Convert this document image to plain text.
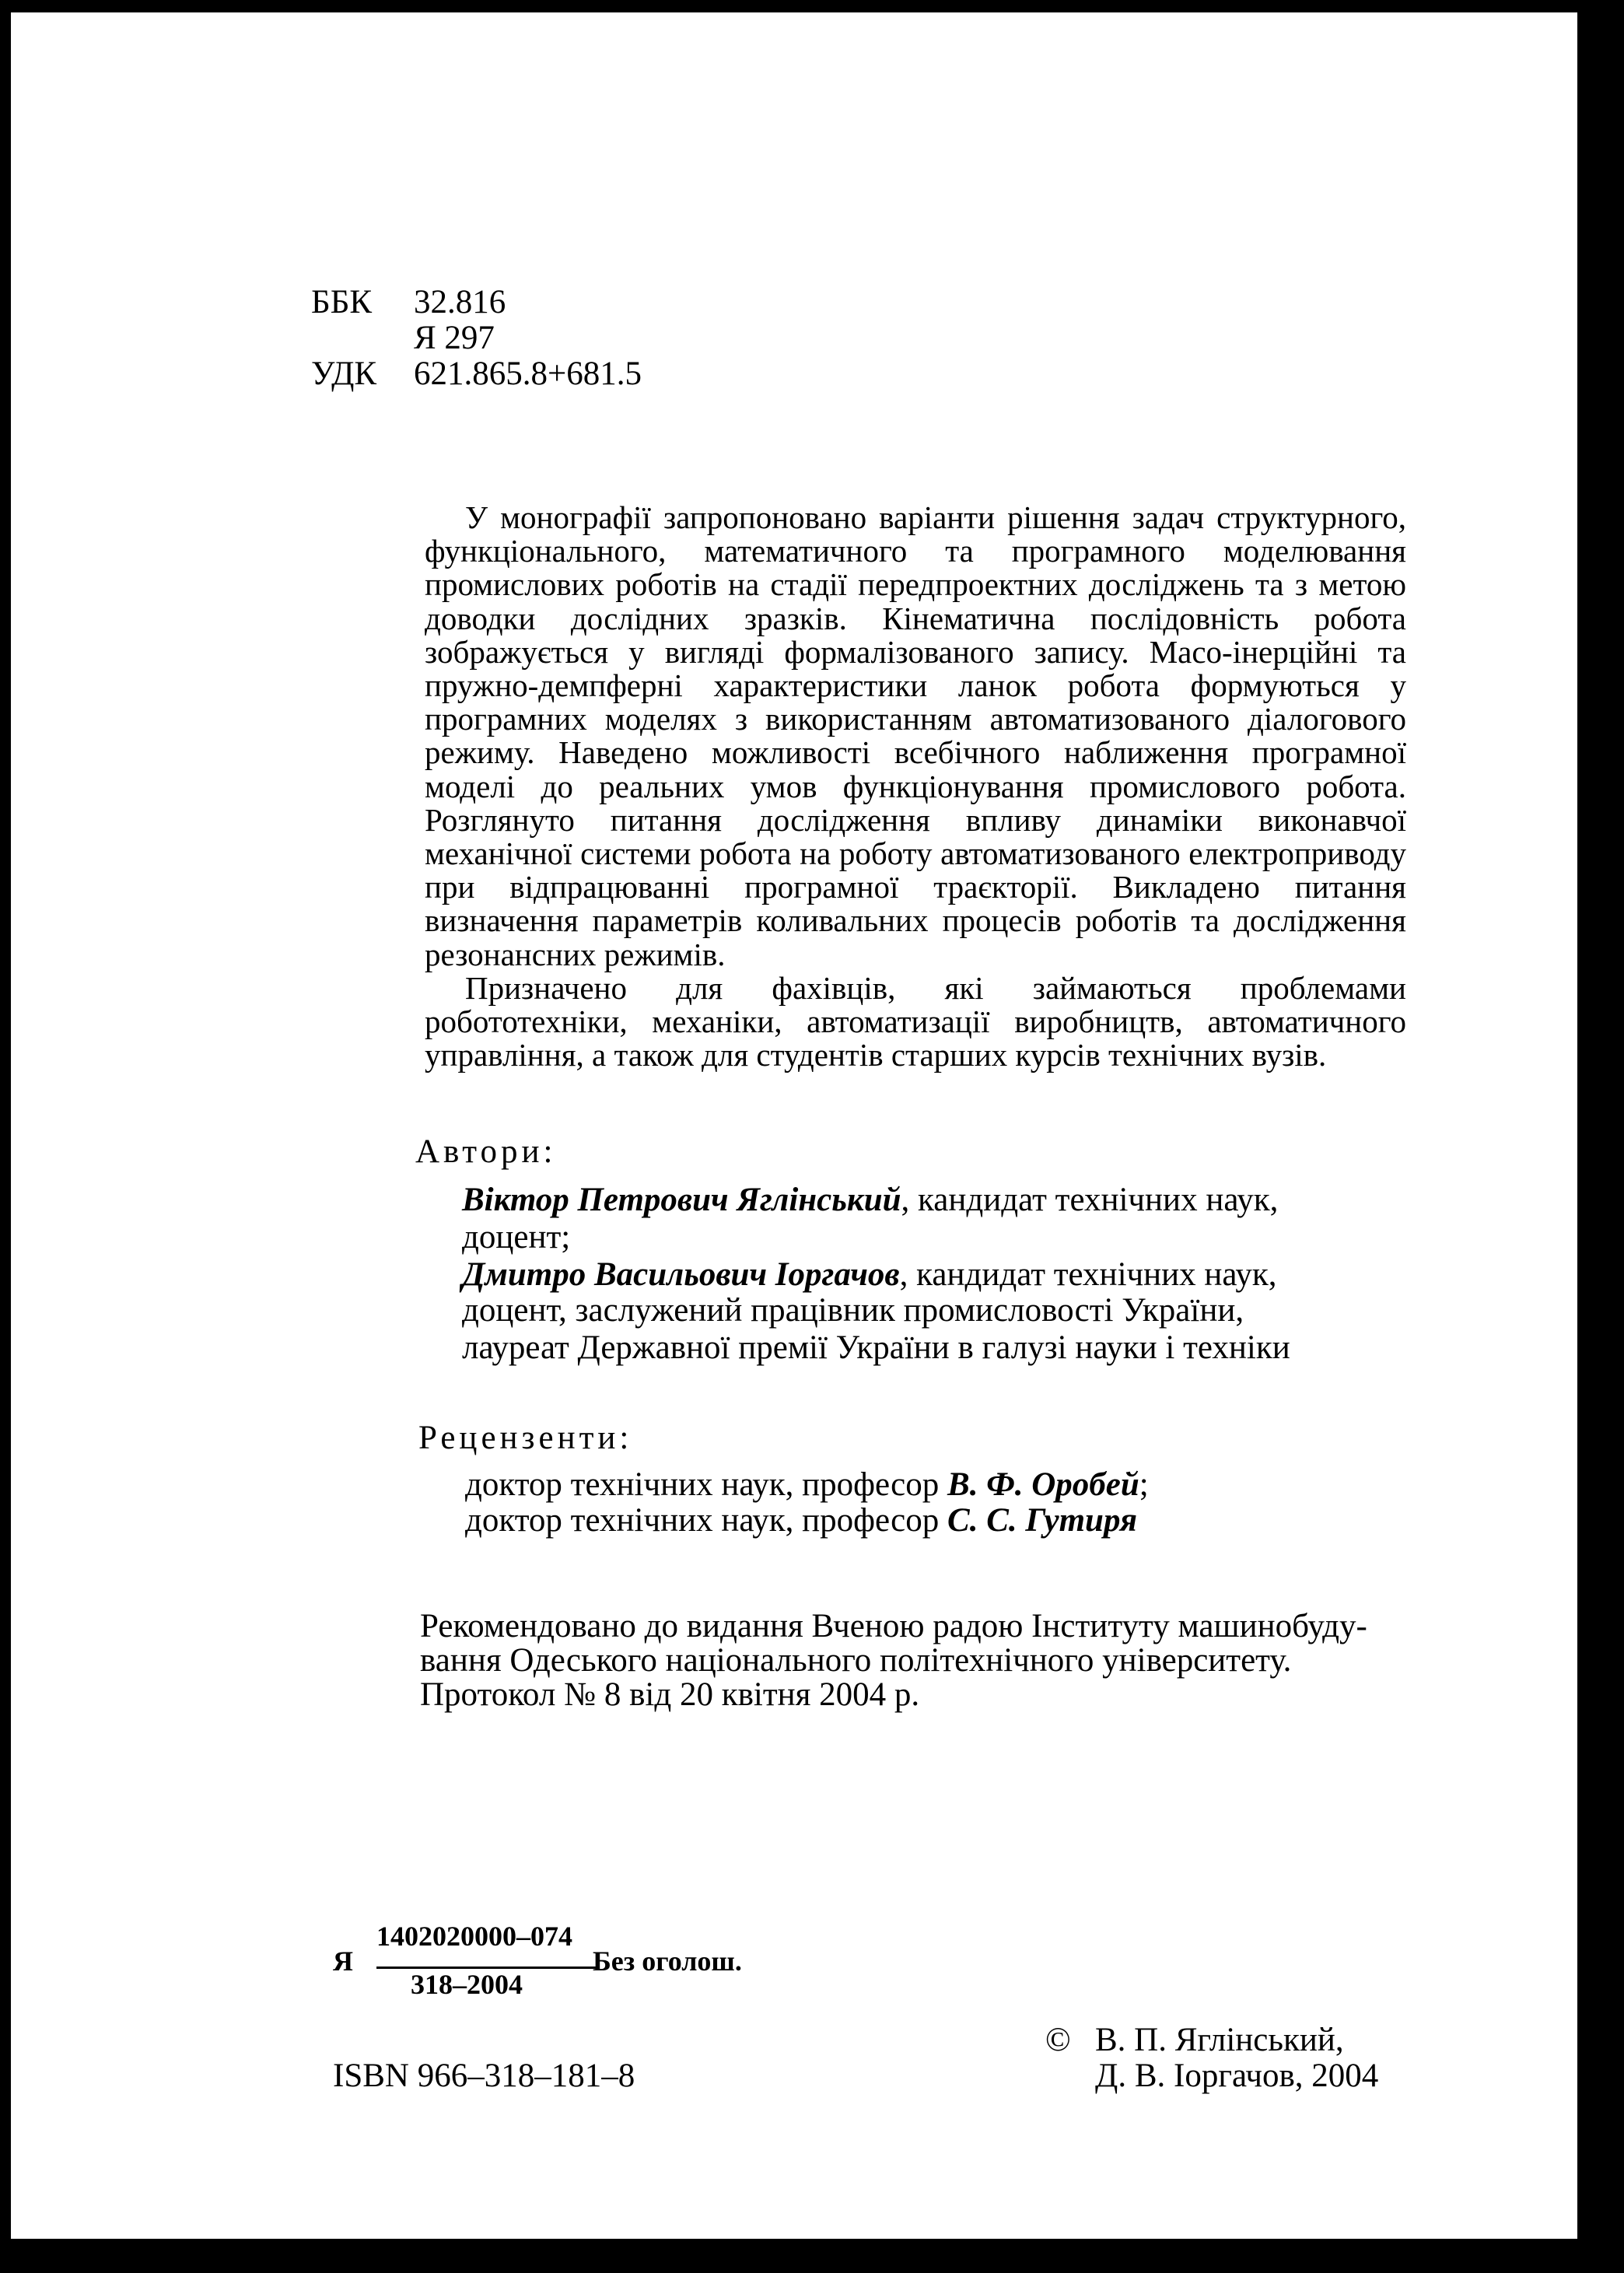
ББК 32.816
Я 297
УДК 621.865.8+681.5

У монографії запропоновано варіанти рішення задач структурного, функціонального, математичного та програмного моделювання промислових роботів на стадії передпроектних досліджень та з метою доводки дослідних зразків. Кінематична послідовність робота зображується у вигляді формалізованого запису. Масо-інерційні та пружно-демпферні характеристики ланок робота формуються у програмних моделях з використанням автоматизованого діалогового режиму. Наведено можливості всебічного наближення програмної моделі до реальних умов функціонування промислового робота. Розглянуто питання дослідження впливу динаміки виконавчої механічної системи робота на роботу автоматизованого електроприводу при відпрацюванні програмної траєкторії. Викладено питання визначення параметрів коливальних процесів роботів та дослідження резонансних режимів.

Призначено для фахівців, які займаються проблемами робототехніки, механіки, автоматизації виробництв, автоматичного управління, а також для студентів старших курсів технічних вузів.

Автори:
Віктор Петрович Яглінський, кандидат технічних наук,
доцент;
Дмитро Васильович Іоргачов, кандидат технічних наук,
доцент, заслужений працівник промисловості України,
лауреат Державної премії України в галузі науки і техніки
Рецензенти:
доктор технічних наук, професор В. Ф. Оробей;
доктор технічних наук, професор С. С. Гутиря
Рекомендовано до видання Вченою радою Інституту машинобуду-
вання Одеського національного політехнічного університету.
Протокол № 8 від 20 квітня 2004 р.
Я
1402020000–074
318–2004
Без оголош.
ISBN 966–318–181–8
© В. П. Яглінський,
Д. В. Іоргачов, 2004
